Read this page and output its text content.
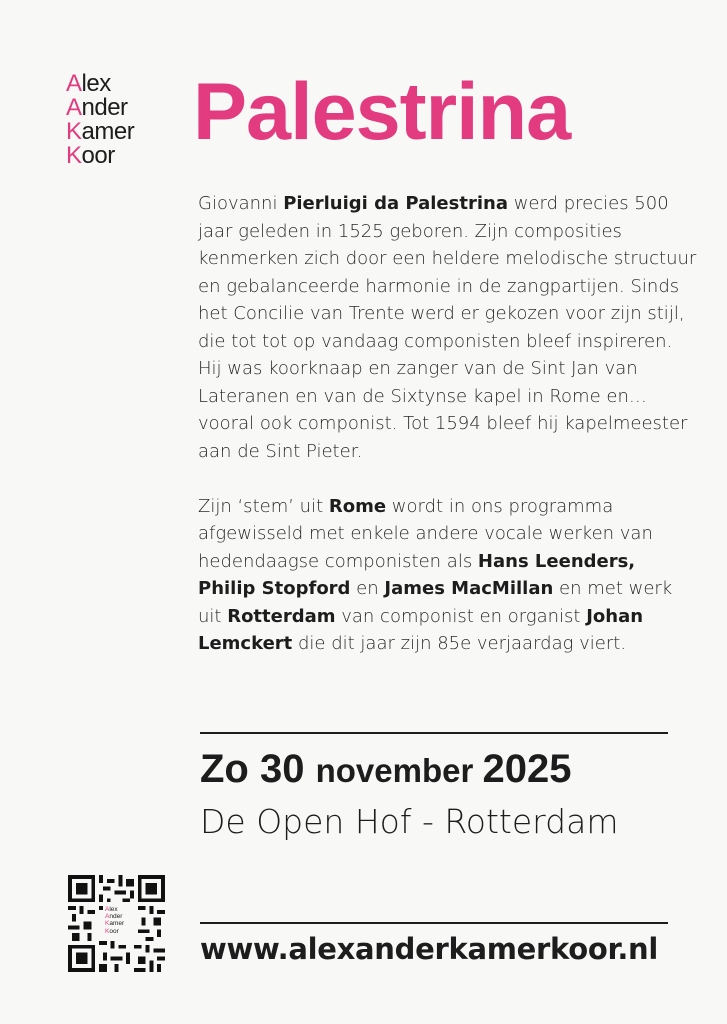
Alex
Ander
Kamer
Koor Palestrina

Giovanni Pierluigi da Palestrina werd precies 500 jaar geleden in 1525 geboren. Zijn composities kenmerken zich door een heldere melodische structuur en gebalanceerde harmonie in de zangpartijen. Sinds het Concilie van Trente werd er gekozen voor zijn stijl, die tot tot op vandaag componisten bleef inspireren.

Hij was koorknaap en zanger van de Sint Jan van Lateranen en van de Sixtynse kapel in Rome en… vooral ook componist. Tot 1594 bleef hij kapelmeester aan de Sint Pieter.

Zijn ‘stem’ uit Rome wordt in ons programma afgewisseld met enkele andere vocale werken van hedendaagse componisten als Hans Leenders, Philip Stopford en James MacMillan en met werk uit Rotterdam van componist en organist Johan Lemckert die dit jaar zijn 85e verjaardag viert.

Zo 30 november 2025
De Open Hof - Rotterdam
Alex
Ander
Kamer
Koor
www.alexanderkamerkoor.nl
